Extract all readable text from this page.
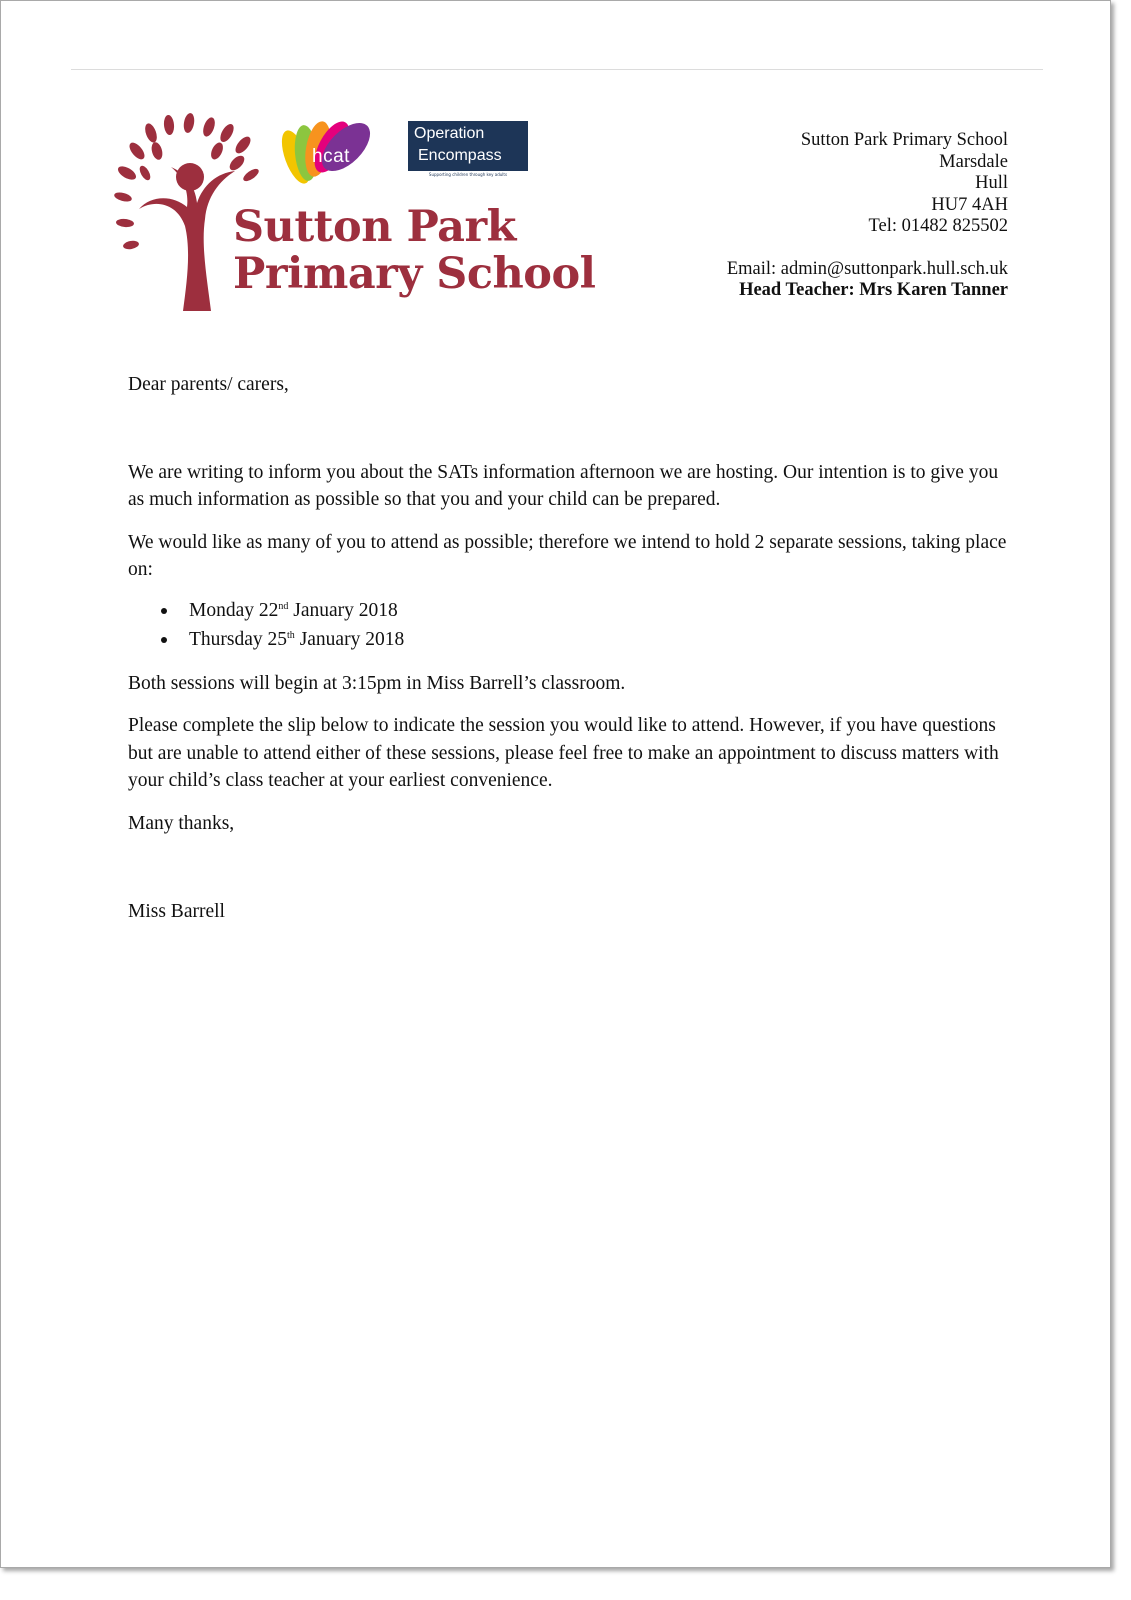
hcat
Operation
Encompass
Supporting children through key adults
Sutton Park
Primary School
Sutton Park Primary School
Marsdale
Hull
HU7 4AH
Tel: 01482 825502
Email: admin@suttonpark.hull.sch.uk
Head Teacher: Mrs Karen Tanner

Dear parents/ carers,

We are writing to inform you about the SATs information afternoon we are hosting. Our intention is to give you as much information as possible so that you and your child can be prepared.

We would like as many of you to attend as possible; therefore we intend to hold 2 separate sessions, taking place on:

Monday 22nd January 2018
Thursday 25th January 2018

Both sessions will begin at 3:15pm in Miss Barrell’s classroom.

Please complete the slip below to indicate the session you would like to attend. However, if you have questions but are unable to attend either of these sessions, please feel free to make an appointment to discuss matters with your child’s class teacher at your earliest convenience.

Many thanks,

Miss Barrell
